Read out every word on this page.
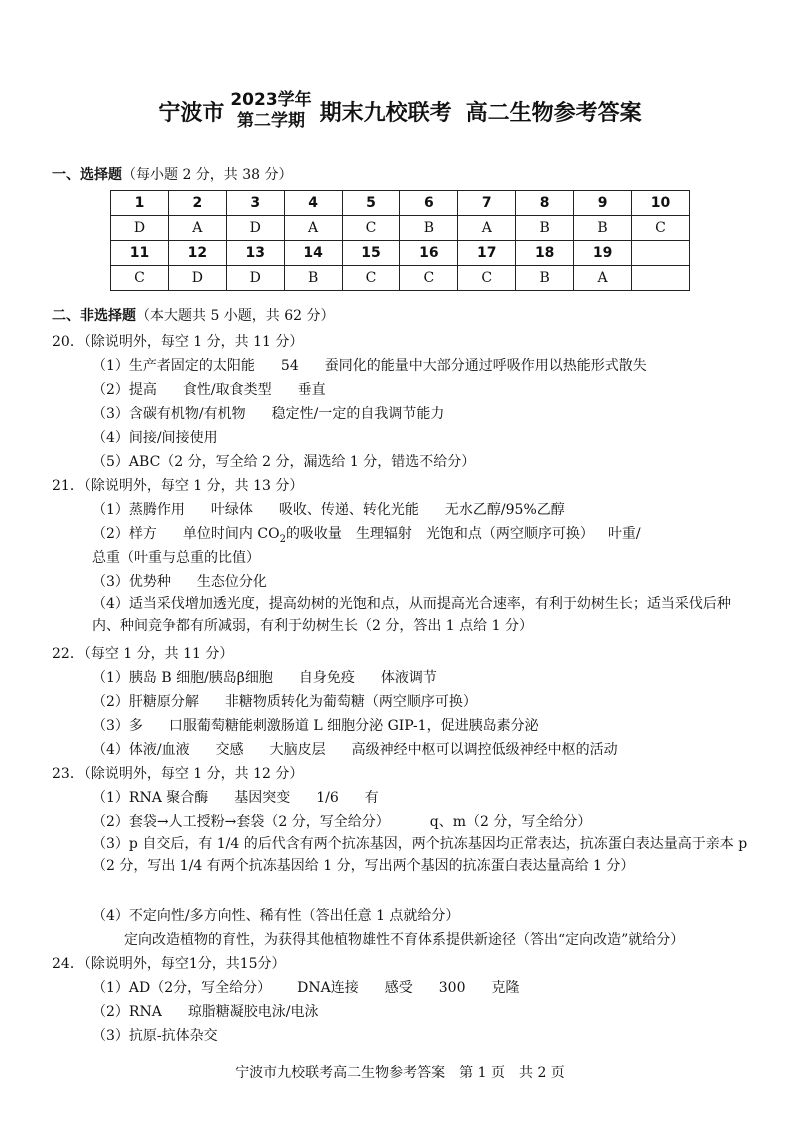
宁波市
2023学年
第二学期 期末九校联考 高二生物参考答案
一、选择题（每小题 2 分，共 38 分）
1	2	3	4	5	6	7	8	9	10
D	A	D	A	C	B	A	B	B	C
11	12	13	14	15	16	17	18	19	
C	D	D	B	C	C	C	B	A	
二、非选择题（本大题共 5 小题，共 62 分）
20．（除说明外，每空 1 分，共 11 分）
（1）生产者固定的太阳能 54 蚕同化的能量中大部分通过呼吸作用以热能形式散失
（2）提高 食性/取食类型 垂直
（3）含碳有机物/有机物 稳定性/一定的自我调节能力
（4）间接/间接使用
（5）ABC（2 分，写全给 2 分，漏选给 1 分，错选不给分）
21．（除说明外，每空 1 分，共 13 分）
（1）蒸腾作用 叶绿体 吸收、传递、转化光能 无水乙醇/95%乙醇
（2）样方 单位时间内 $CO_2$的吸收量 生理辐射 光饱和点（两空顺序可换） 叶重/
总重（叶重与总重的比值）
（3）优势种 生态位分化
（4）适当采伐增加透光度，提高幼树的光饱和点，从而提高光合速率，有利于幼树生长；适当采伐后种内、种间竞争都有所减弱，有利于幼树生长（2 分，答出 1 点给 1 分）
22．（每空 1 分，共 11 分）
（1）胰岛 B 细胞/胰岛β细胞 自身免疫 体液调节
（2）肝糖原分解 非糖物质转化为葡萄糖（两空顺序可换）
（3）多 口服葡萄糖能刺激肠道 L 细胞分泌 GIP-1，促进胰岛素分泌
（4）体液/血液 交感 大脑皮层 高级神经中枢可以调控低级神经中枢的活动
23．（除说明外，每空 1 分，共 12 分）
（1）RNA 聚合酶 基因突变 1/6 有
（2）套袋→人工授粉→套袋（2 分，写全给分）	q、m（2 分，写全给分）
（3）p 自交后，有 1/4 的后代含有两个抗冻基因，两个抗冻基因均正常表达，抗冻蛋白表达量高于亲本 p（2 分，写出 1/4 有两个抗冻基因给 1 分，写出两个基因的抗冻蛋白表达量高给 1 分）
（4）不定向性/多方向性、稀有性（答出任意 1 点就给分）
定向改造植物的育性，为获得其他植物雄性不育体系提供新途径（答出“定向改造”就给分）
24．（除说明外，每空1分，共15分）
（1）AD（2分，写全给分） DNA连接 感受 300 克隆
（2）RNA 琼脂糖凝胶电泳/电泳
（3）抗原-抗体杂交
宁波市九校联考高二生物参考答案　第 1 页　共 2 页
